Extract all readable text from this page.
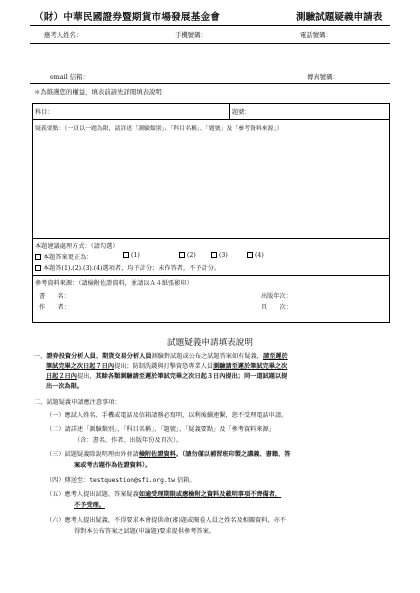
（財）中華民國證券暨期貨市場發展基金會	測驗試題疑義申請表
應考人姓名：	手機號碼：	電話號碼：
email 信箱：	傳真號碼：
＊為維護您的權益，填表前請先詳閱填表說明
科目：	題號：
疑義要點：（一頁以一題為限，請詳述「測驗類別」、「科目名稱」、「題號」及「參考資料來源」）
本題建議處理方式：（請勾選）
本題答案更正為：	(1)	(2)	(3)	(4)
本題答(1).(2).(3).(4)選項者，均予計分；未作答者，不予計分。
參考資料來源：（請檢附佐證資料，並請以Ａ４紙張影印）
書　　名：	出版年次：
作　　者：	頁　　次：
試題疑義申請填表說明
一、證券投資分析人員、期貨交易分析人員測驗對試題或公布之試題答案如有疑義，請至遲於
筆試完畢之次日起７日內提出；防制洗錢與打擊資恐專業人員測驗請至遲於筆試完畢之次
日起２日內提出，其餘各類測驗請至遲於筆試完畢之次日起３日內提出；同一道試題以提
出一次為限。
二、試題疑義申請應注意事項：
（一）應試人姓名、手機或電話及信箱請務必寫明，以利後續連繫，恕不受理電話申請。
（二）請詳述「測驗類別」、「科目名稱」、「題號」、「疑義要點」及「參考資料來源」
（含：書名、作者、出版年份及頁次）。
（三）試題疑義除說明理由外並請檢附佐證資料。（請勿僅以補習班印製之講義、書籍、答
案或考古題作為佐證資料）。
（四）傳送至：testquestion@sfi.org.tw 信箱。
（五）應考人提出試題、答案疑義如逾受理期限或應檢附之資料及載明事項不齊備者，
不予受理。
（六）應考人提出疑義，不得要求本會提供命(審)題或閱卷人員之姓名及相關資料，亦不
得對本公布答案之試題(申論題)要求提供參考答案。
